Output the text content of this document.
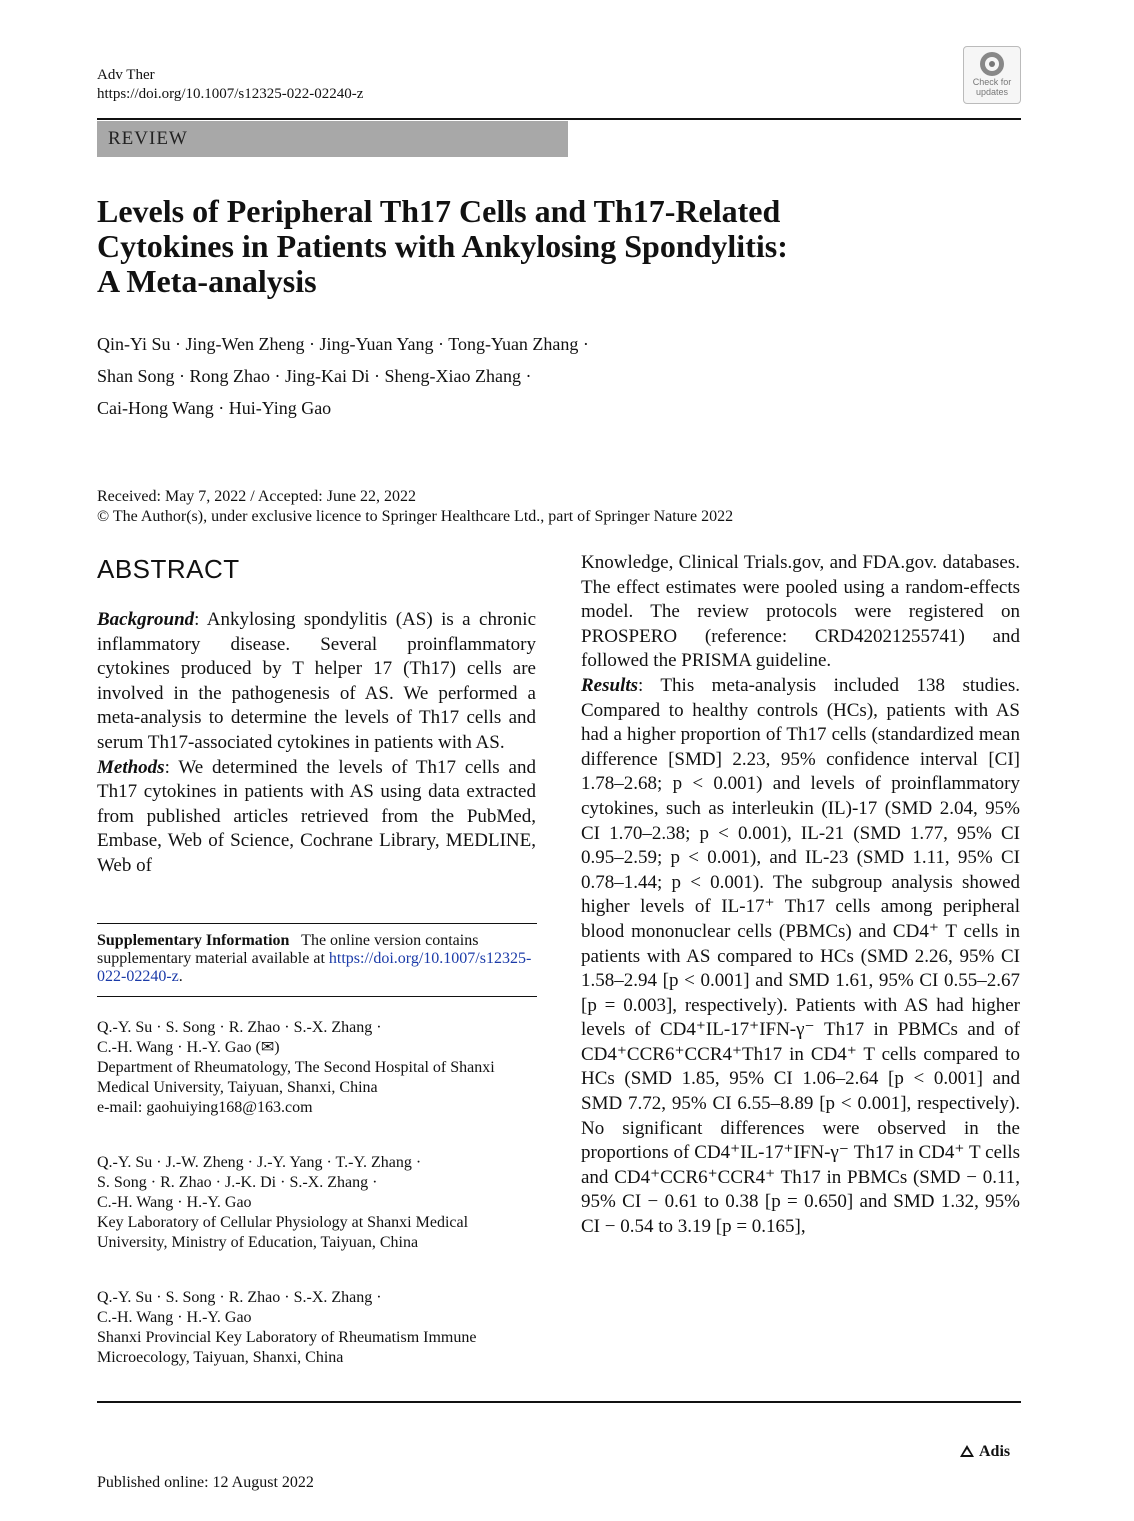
Adv Ther
https://doi.org/10.1007/s12325-022-02240-z
Check for
updates
REVIEW
Levels of Peripheral Th17 Cells and Th17-Related
Cytokines in Patients with Ankylosing Spondylitis:
A Meta-analysis
Qin-Yi Su · Jing-Wen Zheng · Jing-Yuan Yang · Tong-Yuan Zhang ·
Shan Song · Rong Zhao · Jing-Kai Di · Sheng-Xiao Zhang ·
Cai-Hong Wang · Hui-Ying Gao
Received: May 7, 2022 / Accepted: June 22, 2022
© The Author(s), under exclusive licence to Springer Healthcare Ltd., part of Springer Nature 2022
ABSTRACT

Background: Ankylosing spondylitis (AS) is a chronic inflammatory disease. Several proinflammatory cytokines produced by T helper 17 (Th17) cells are involved in the pathogenesis of AS. We performed a meta-analysis to determine the levels of Th17 cells and serum Th17-associated cytokines in patients with AS.

Methods: We determined the levels of Th17 cells and Th17 cytokines in patients with AS using data extracted from published articles retrieved from the PubMed, Embase, Web of Science, Cochrane Library, MEDLINE, Web of

Supplementary Information   The online version contains supplementary material available at https://doi.org/10.1007/s12325-022-02240-z.

Q.-Y. Su · S. Song · R. Zhao · S.-X. Zhang ·

C.-H. Wang · H.-Y. Gao (✉)

Department of Rheumatology, The Second Hospital of Shanxi Medical University, Taiyuan, Shanxi, China

e-mail: gaohuiying168@163.com

Q.-Y. Su · J.-W. Zheng · J.-Y. Yang · T.-Y. Zhang ·

S. Song · R. Zhao · J.-K. Di · S.-X. Zhang ·

C.-H. Wang · H.-Y. Gao

Key Laboratory of Cellular Physiology at Shanxi Medical University, Ministry of Education, Taiyuan, China

Q.-Y. Su · S. Song · R. Zhao · S.-X. Zhang ·

C.-H. Wang · H.-Y. Gao

Shanxi Provincial Key Laboratory of Rheumatism Immune Microecology, Taiyuan, Shanxi, China

Knowledge, Clinical Trials.gov, and FDA.gov. databases. The effect estimates were pooled using a random-effects model. The review protocols were registered on PROSPERO (reference: CRD42021255741) and followed the PRISMA guideline.

Results: This meta-analysis included 138 studies. Compared to healthy controls (HCs), patients with AS had a higher proportion of Th17 cells (standardized mean difference [SMD] 2.23, 95% confidence interval [CI] 1.78–2.68; p < 0.001) and levels of proinflammatory cytokines, such as interleukin (IL)-17 (SMD 2.04, 95% CI 1.70–2.38; p < 0.001), IL-21 (SMD 1.77, 95% CI 0.95–2.59; p < 0.001), and IL-23 (SMD 1.11, 95% CI 0.78–1.44; p < 0.001). The subgroup analysis showed higher levels of IL-17⁺ Th17 cells among peripheral blood mononuclear cells (PBMCs) and CD4⁺ T cells in patients with AS compared to HCs (SMD 2.26, 95% CI 1.58–2.94 [p < 0.001] and SMD 1.61, 95% CI 0.55–2.67 [p = 0.003], respectively). Patients with AS had higher levels of CD4⁺IL-17⁺IFN-γ⁻ Th17 in PBMCs and of CD4⁺CCR6⁺CCR4⁺Th17 in CD4⁺ T cells compared to HCs (SMD 1.85, 95% CI 1.06–2.64 [p < 0.001] and SMD 7.72, 95% CI 6.55–8.89 [p < 0.001], respectively). No significant differences were observed in the proportions of CD4⁺IL-17⁺IFN-γ⁻ Th17 in CD4⁺ T cells and CD4⁺CCR6⁺CCR4⁺ Th17 in PBMCs (SMD − 0.11, 95% CI − 0.61 to 0.38 [p = 0.650] and SMD 1.32, 95% CI − 0.54 to 3.19 [p = 0.165],

Adis
Published online: 12 August 2022
